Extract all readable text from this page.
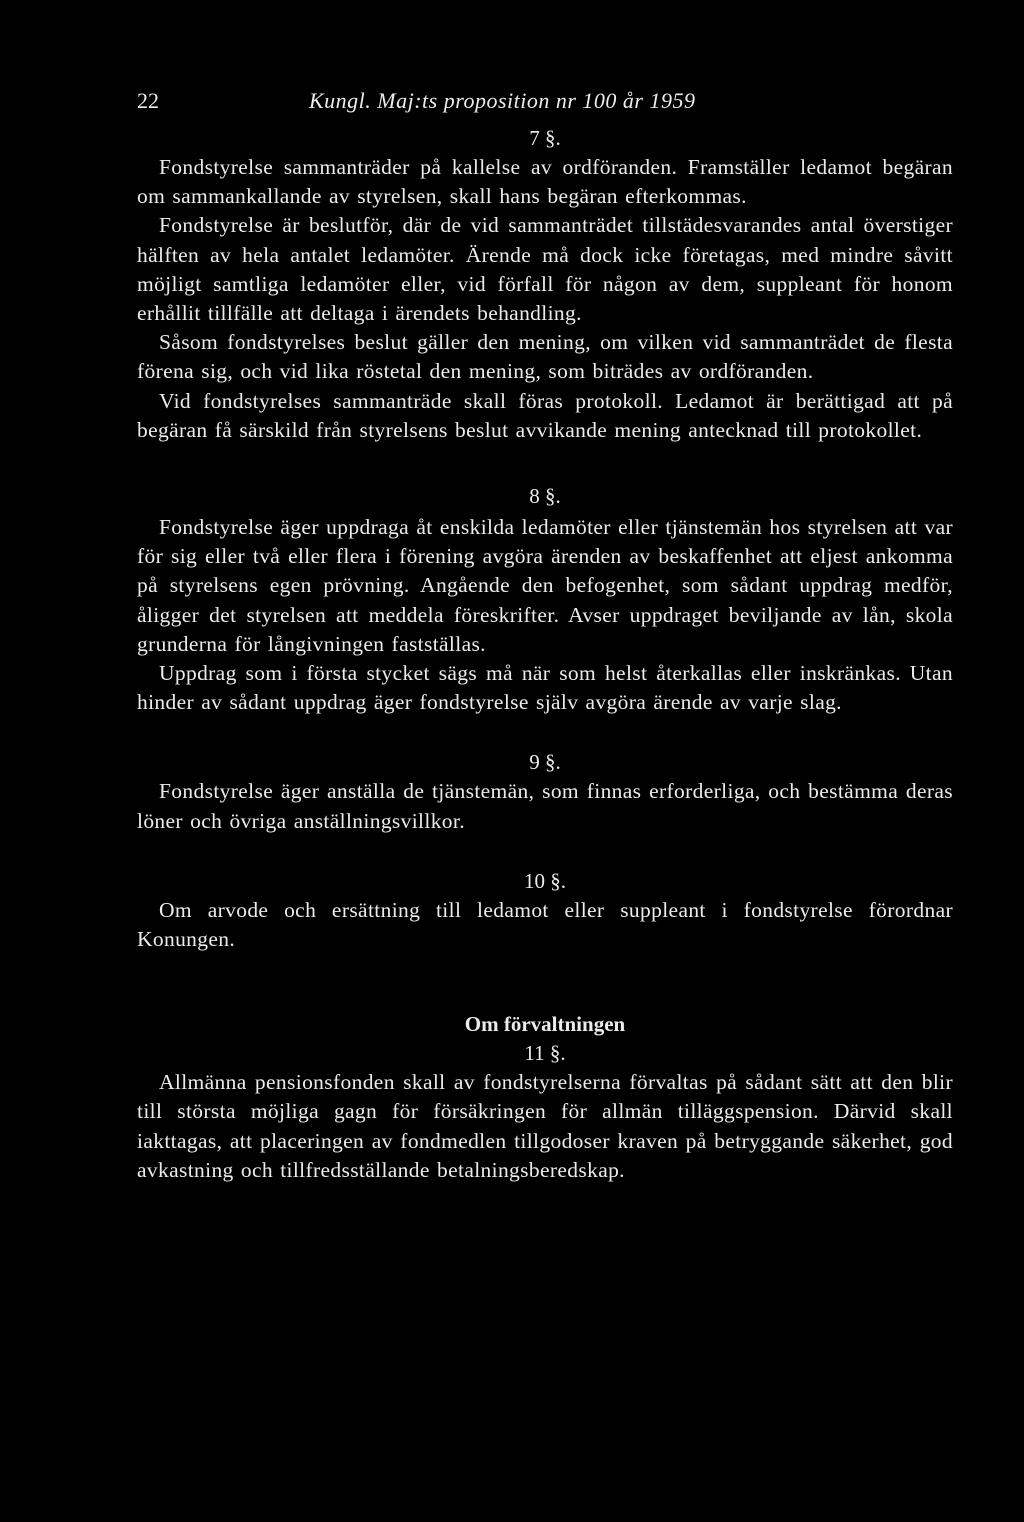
22	Kungl. Maj:ts proposition nr 100 år 1959
7 §.

Fondstyrelse sammanträder på kallelse av ordföranden. Framställer ledamot begäran om sammankallande av styrelsen, skall hans begäran efterkommas.

Fondstyrelse är beslutför, där de vid sammanträdet tillstädesvarandes antal överstiger hälften av hela antalet ledamöter. Ärende må dock icke företagas, med mindre såvitt möjligt samtliga ledamöter eller, vid förfall för någon av dem, suppleant för honom erhållit tillfälle att deltaga i ärendets behandling.

Såsom fondstyrelses beslut gäller den mening, om vilken vid sammanträdet de flesta förena sig, och vid lika röstetal den mening, som biträdes av ordföranden.

Vid fondstyrelses sammanträde skall föras protokoll. Ledamot är berättigad att på begäran få särskild från styrelsens beslut avvikande mening antecknad till protokollet.

8 §.

Fondstyrelse äger uppdraga åt enskilda ledamöter eller tjänstemän hos styrelsen att var för sig eller två eller flera i förening avgöra ärenden av beskaffenhet att eljest ankomma på styrelsens egen prövning. Angående den befogenhet, som sådant uppdrag medför, åligger det styrelsen att meddela föreskrifter. Avser uppdraget beviljande av lån, skola grunderna för långivningen fastställas.

Uppdrag som i första stycket sägs må när som helst återkallas eller inskränkas. Utan hinder av sådant uppdrag äger fondstyrelse själv avgöra ärende av varje slag.

9 §.

Fondstyrelse äger anställa de tjänstemän, som finnas erforderliga, och bestämma deras löner och övriga anställningsvillkor.

10 §.

Om arvode och ersättning till ledamot eller suppleant i fondstyrelse förordnar Konungen.

Om förvaltningen
11 §.

Allmänna pensionsfonden skall av fondstyrelserna förvaltas på sådant sätt att den blir till största möjliga gagn för försäkringen för allmän tilläggspension. Därvid skall iakttagas, att placeringen av fondmedlen tillgodoser kraven på betryggande säkerhet, god avkastning och tillfredsställande betalningsberedskap.
